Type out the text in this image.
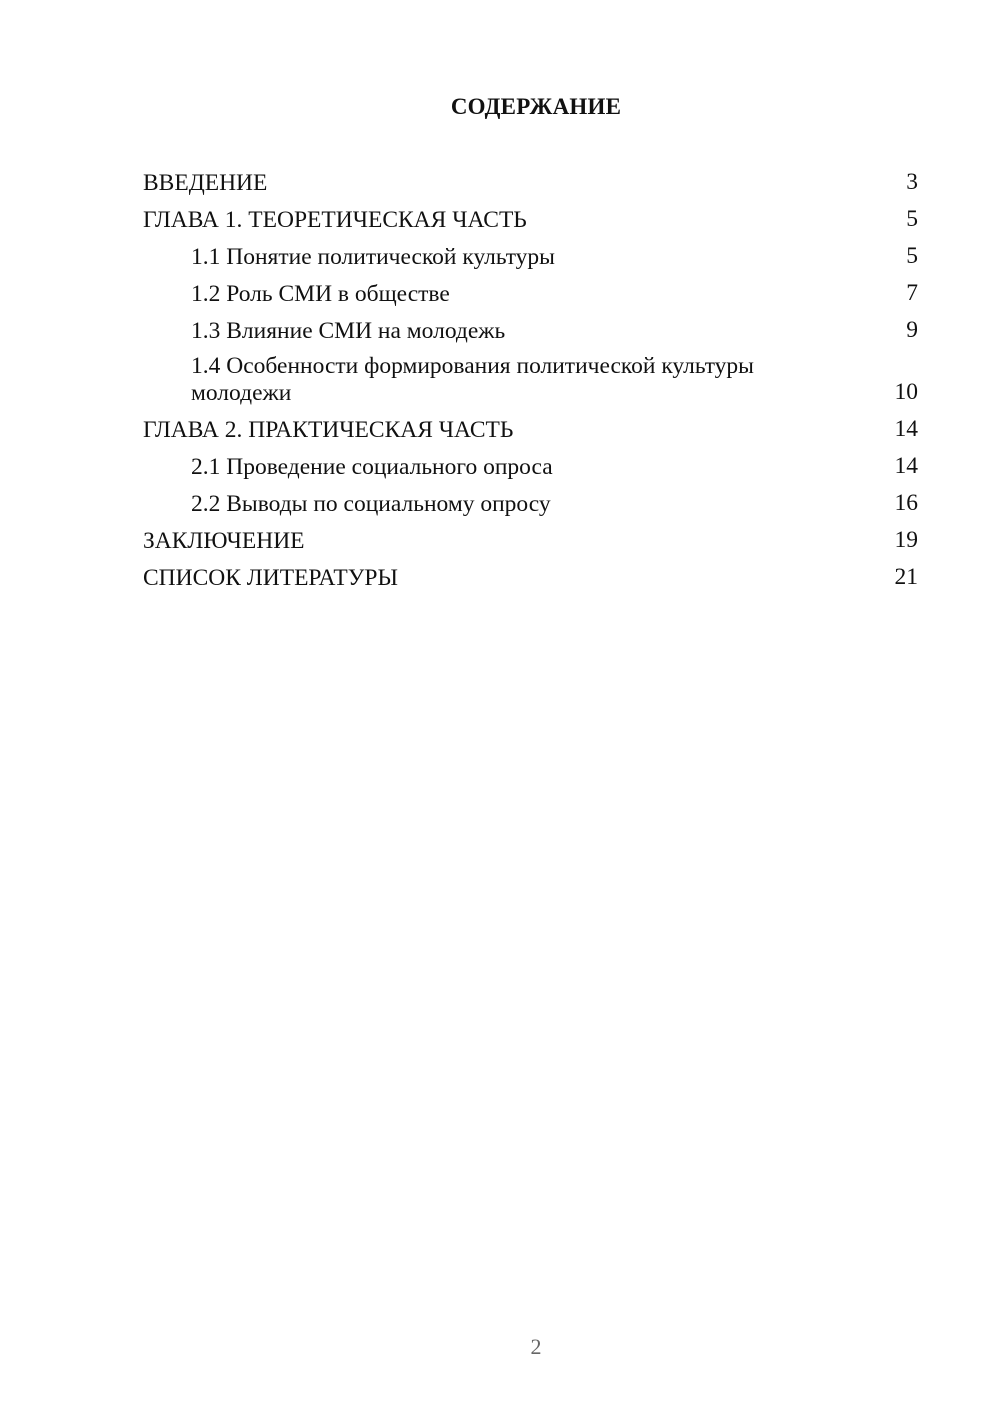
СОДЕРЖАНИЕ
ВВЕДЕНИЕ	3
ГЛАВА 1. ТЕОРЕТИЧЕСКАЯ ЧАСТЬ	5
1.1 Понятие политической культуры	5
1.2 Роль СМИ в обществе	7
1.3 Влияние СМИ на молодежь	9
1.4 Особенности формирования политической культуры молодежи	10
ГЛАВА 2. ПРАКТИЧЕСКАЯ ЧАСТЬ	14
2.1 Проведение социального опроса	14
2.2 Выводы по социальному опросу	16
ЗАКЛЮЧЕНИЕ	19
СПИСОК ЛИТЕРАТУРЫ	21
2
